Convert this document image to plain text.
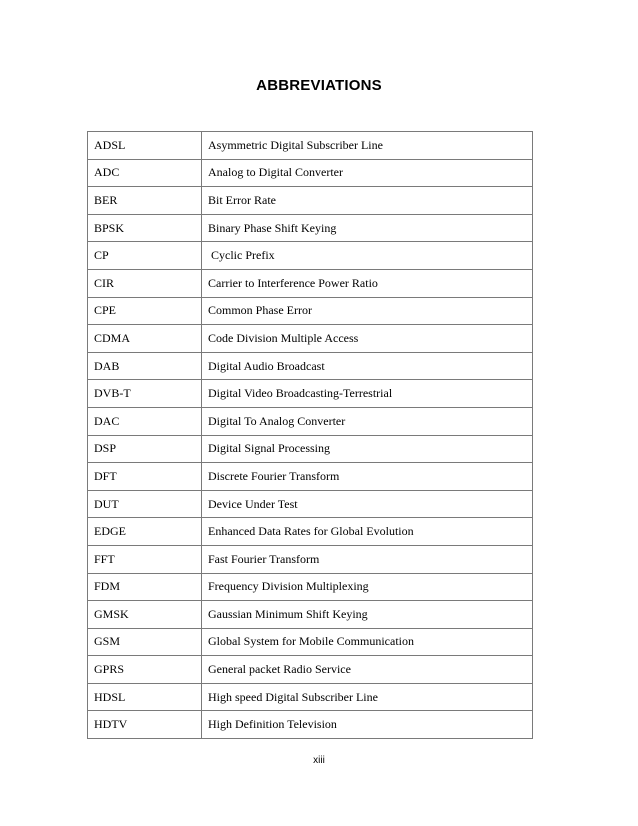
ABBREVIATIONS
ADSL	Asymmetric Digital Subscriber Line
ADC	Analog to Digital Converter
BER	Bit Error Rate
BPSK	Binary Phase Shift Keying
CP	Cyclic Prefix
CIR	Carrier to Interference Power Ratio
CPE	Common Phase Error
CDMA	Code Division Multiple Access
DAB	Digital Audio Broadcast
DVB-T	Digital Video Broadcasting-Terrestrial
DAC	Digital To Analog Converter
DSP	Digital Signal Processing
DFT	Discrete Fourier Transform
DUT	Device Under Test
EDGE	Enhanced Data Rates for Global Evolution
FFT	Fast Fourier Transform
FDM	Frequency Division Multiplexing
GMSK	Gaussian Minimum Shift Keying
GSM	Global System for Mobile Communication
GPRS	General packet Radio Service
HDSL	High speed Digital Subscriber Line
HDTV	High Definition Television
xiii
